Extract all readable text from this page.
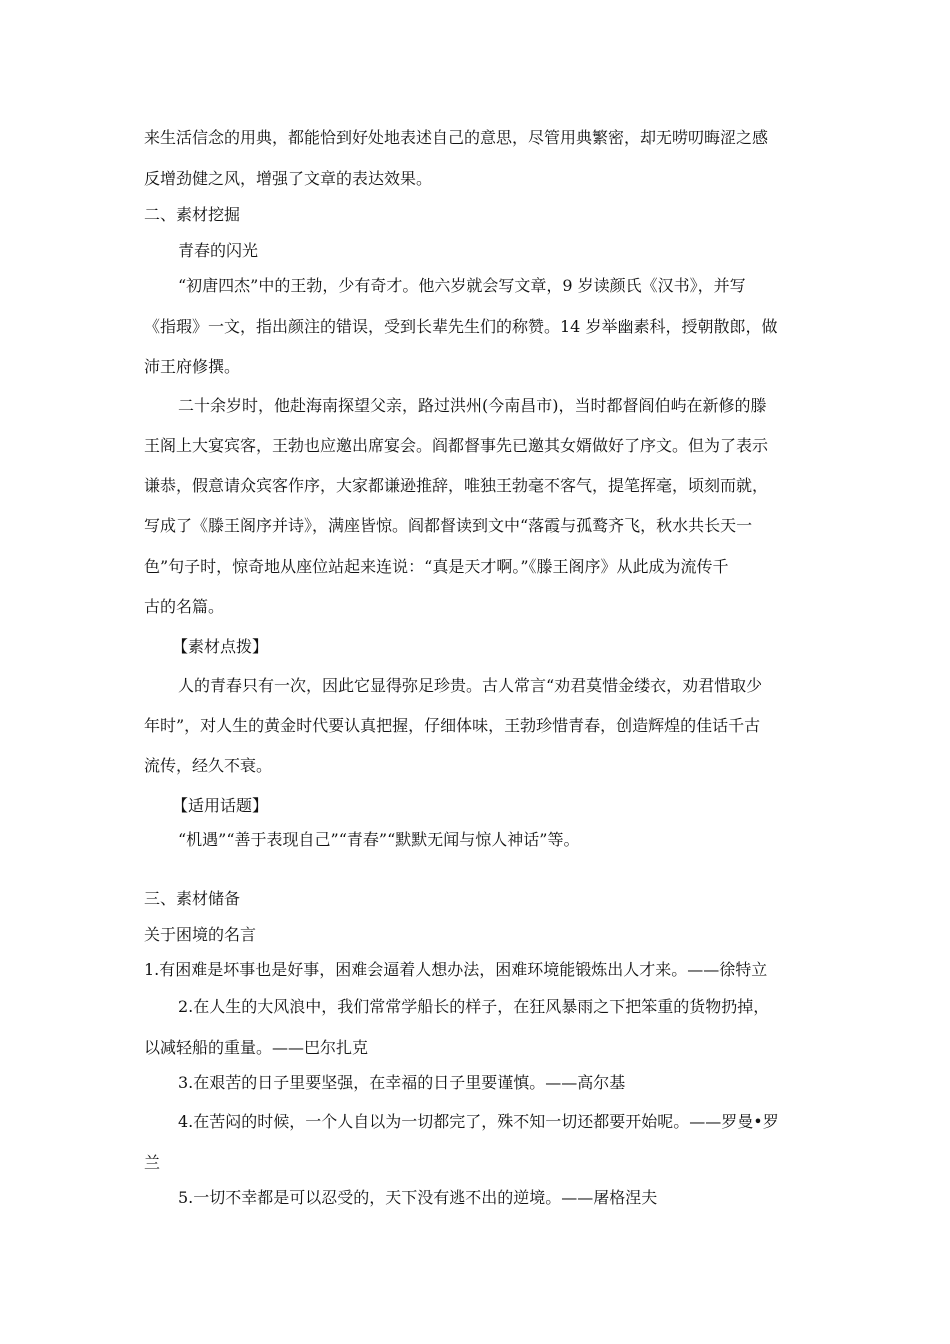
来生活信念的用典，都能恰到好处地表述自己的意思，尽管用典繁密，却无唠叨晦涩之感
反增劲健之风，增强了文章的表达效果。
二、素材挖掘
青春的闪光
“初唐四杰”中的王勃，少有奇才。他六岁就会写文章，9 岁读颜氏《汉书》，并写
《指瑕》一文，指出颜注的错误，受到长辈先生们的称赞。14 岁举幽素科，授朝散郎，做
沛王府修撰。
二十余岁时，他赴海南探望父亲，路过洪州(今南昌市)，当时都督阎伯屿在新修的滕
王阁上大宴宾客，王勃也应邀出席宴会。阎都督事先已邀其女婿做好了序文。但为了表示
谦恭，假意请众宾客作序，大家都谦逊推辞，唯独王勃毫不客气，提笔挥毫，顷刻而就，
写成了《滕王阁序并诗》，满座皆惊。阎都督读到文中“落霞与孤鹜齐飞，秋水共长天一
色”句子时，惊奇地从座位站起来连说：“真是天才啊。”《滕王阁序》从此成为流传千
古的名篇。
【素材点拨】
人的青春只有一次，因此它显得弥足珍贵。古人常言“劝君莫惜金缕衣，劝君惜取少
年时”，对人生的黄金时代要认真把握，仔细体味，王勃珍惜青春，创造辉煌的佳话千古
流传，经久不衰。
【适用话题】
“机遇”“善于表现自己”“青春”“默默无闻与惊人神话”等。
三、素材储备
关于困境的名言
1.有困难是坏事也是好事，困难会逼着人想办法，困难环境能锻炼出人才来。——徐特立
2.在人生的大风浪中，我们常常学船长的样子，在狂风暴雨之下把笨重的货物扔掉，
以减轻船的重量。——巴尔扎克
3.在艰苦的日子里要坚强，在幸福的日子里要谨慎。——高尔基
4.在苦闷的时候，一个人自以为一切都完了，殊不知一切还都要开始呢。——罗曼•罗
兰
5.一切不幸都是可以忍受的，天下没有逃不出的逆境。——屠格涅夫
